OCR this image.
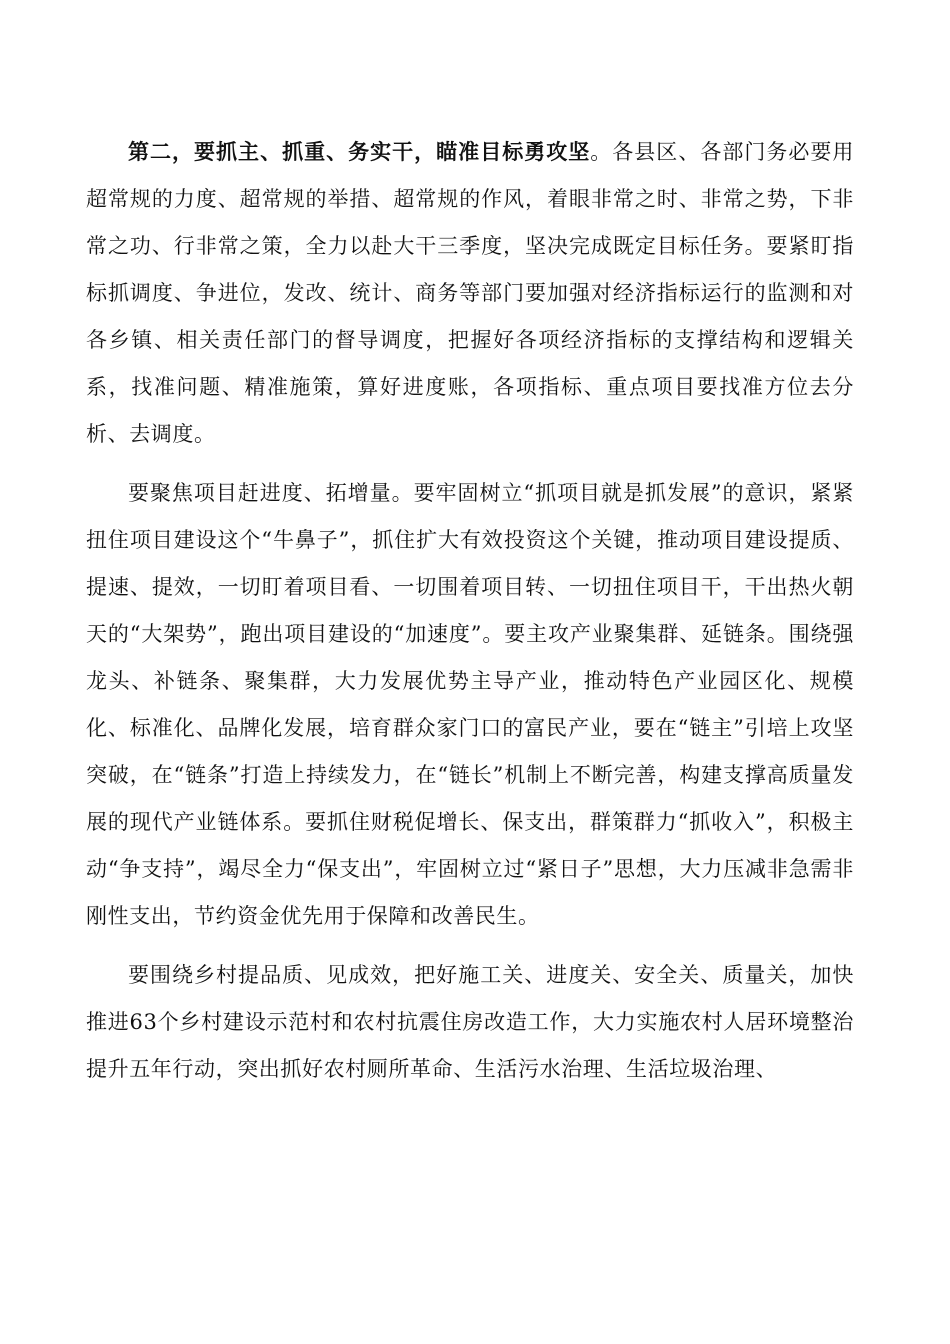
第二，要抓主、抓重、务实干，瞄准目标勇攻坚。各县区、各部门务必要用超常规的力度、超常规的举措、超常规的作风，着眼非常之时、非常之势，下非常之功、行非常之策，全力以赴大干三季度，坚决完成既定目标任务。要紧盯指标抓调度、争进位，发改、统计、商务等部门要加强对经济指标运行的监测和对各乡镇、相关责任部门的督导调度，把握好各项经济指标的支撑结构和逻辑关系，找准问题、精准施策，算好进度账，各项指标、重点项目要找准方位去分析、去调度。

要聚焦项目赶进度、拓增量。要牢固树立“抓项目就是抓发展”的意识，紧紧扭住项目建设这个“牛鼻子”，抓住扩大有效投资这个关键，推动项目建设提质、提速、提效，一切盯着项目看、一切围着项目转、一切扭住项目干，干出热火朝天的“大架势”，跑出项目建设的“加速度”。要主攻产业聚集群、延链条。围绕强龙头、补链条、聚集群，大力发展优势主导产业，推动特色产业园区化、规模化、标准化、品牌化发展，培育群众家门口的富民产业，要在“链主”引培上攻坚突破，在“链条”打造上持续发力，在“链长”机制上不断完善，构建支撑高质量发展的现代产业链体系。要抓住财税促增长、保支出，群策群力“抓收入”，积极主动“争支持”，竭尽全力“保支出”，牢固树立过“紧日子”思想，大力压减非急需非刚性支出，节约资金优先用于保障和改善民生。

要围绕乡村提品质、见成效，把好施工关、进度关、安全关、质量关，加快推进63个乡村建设示范村和农村抗震住房改造工作，大力实施农村人居环境整治提升五年行动，突出抓好农村厕所革命、生活污水治理、生活垃圾治理、
